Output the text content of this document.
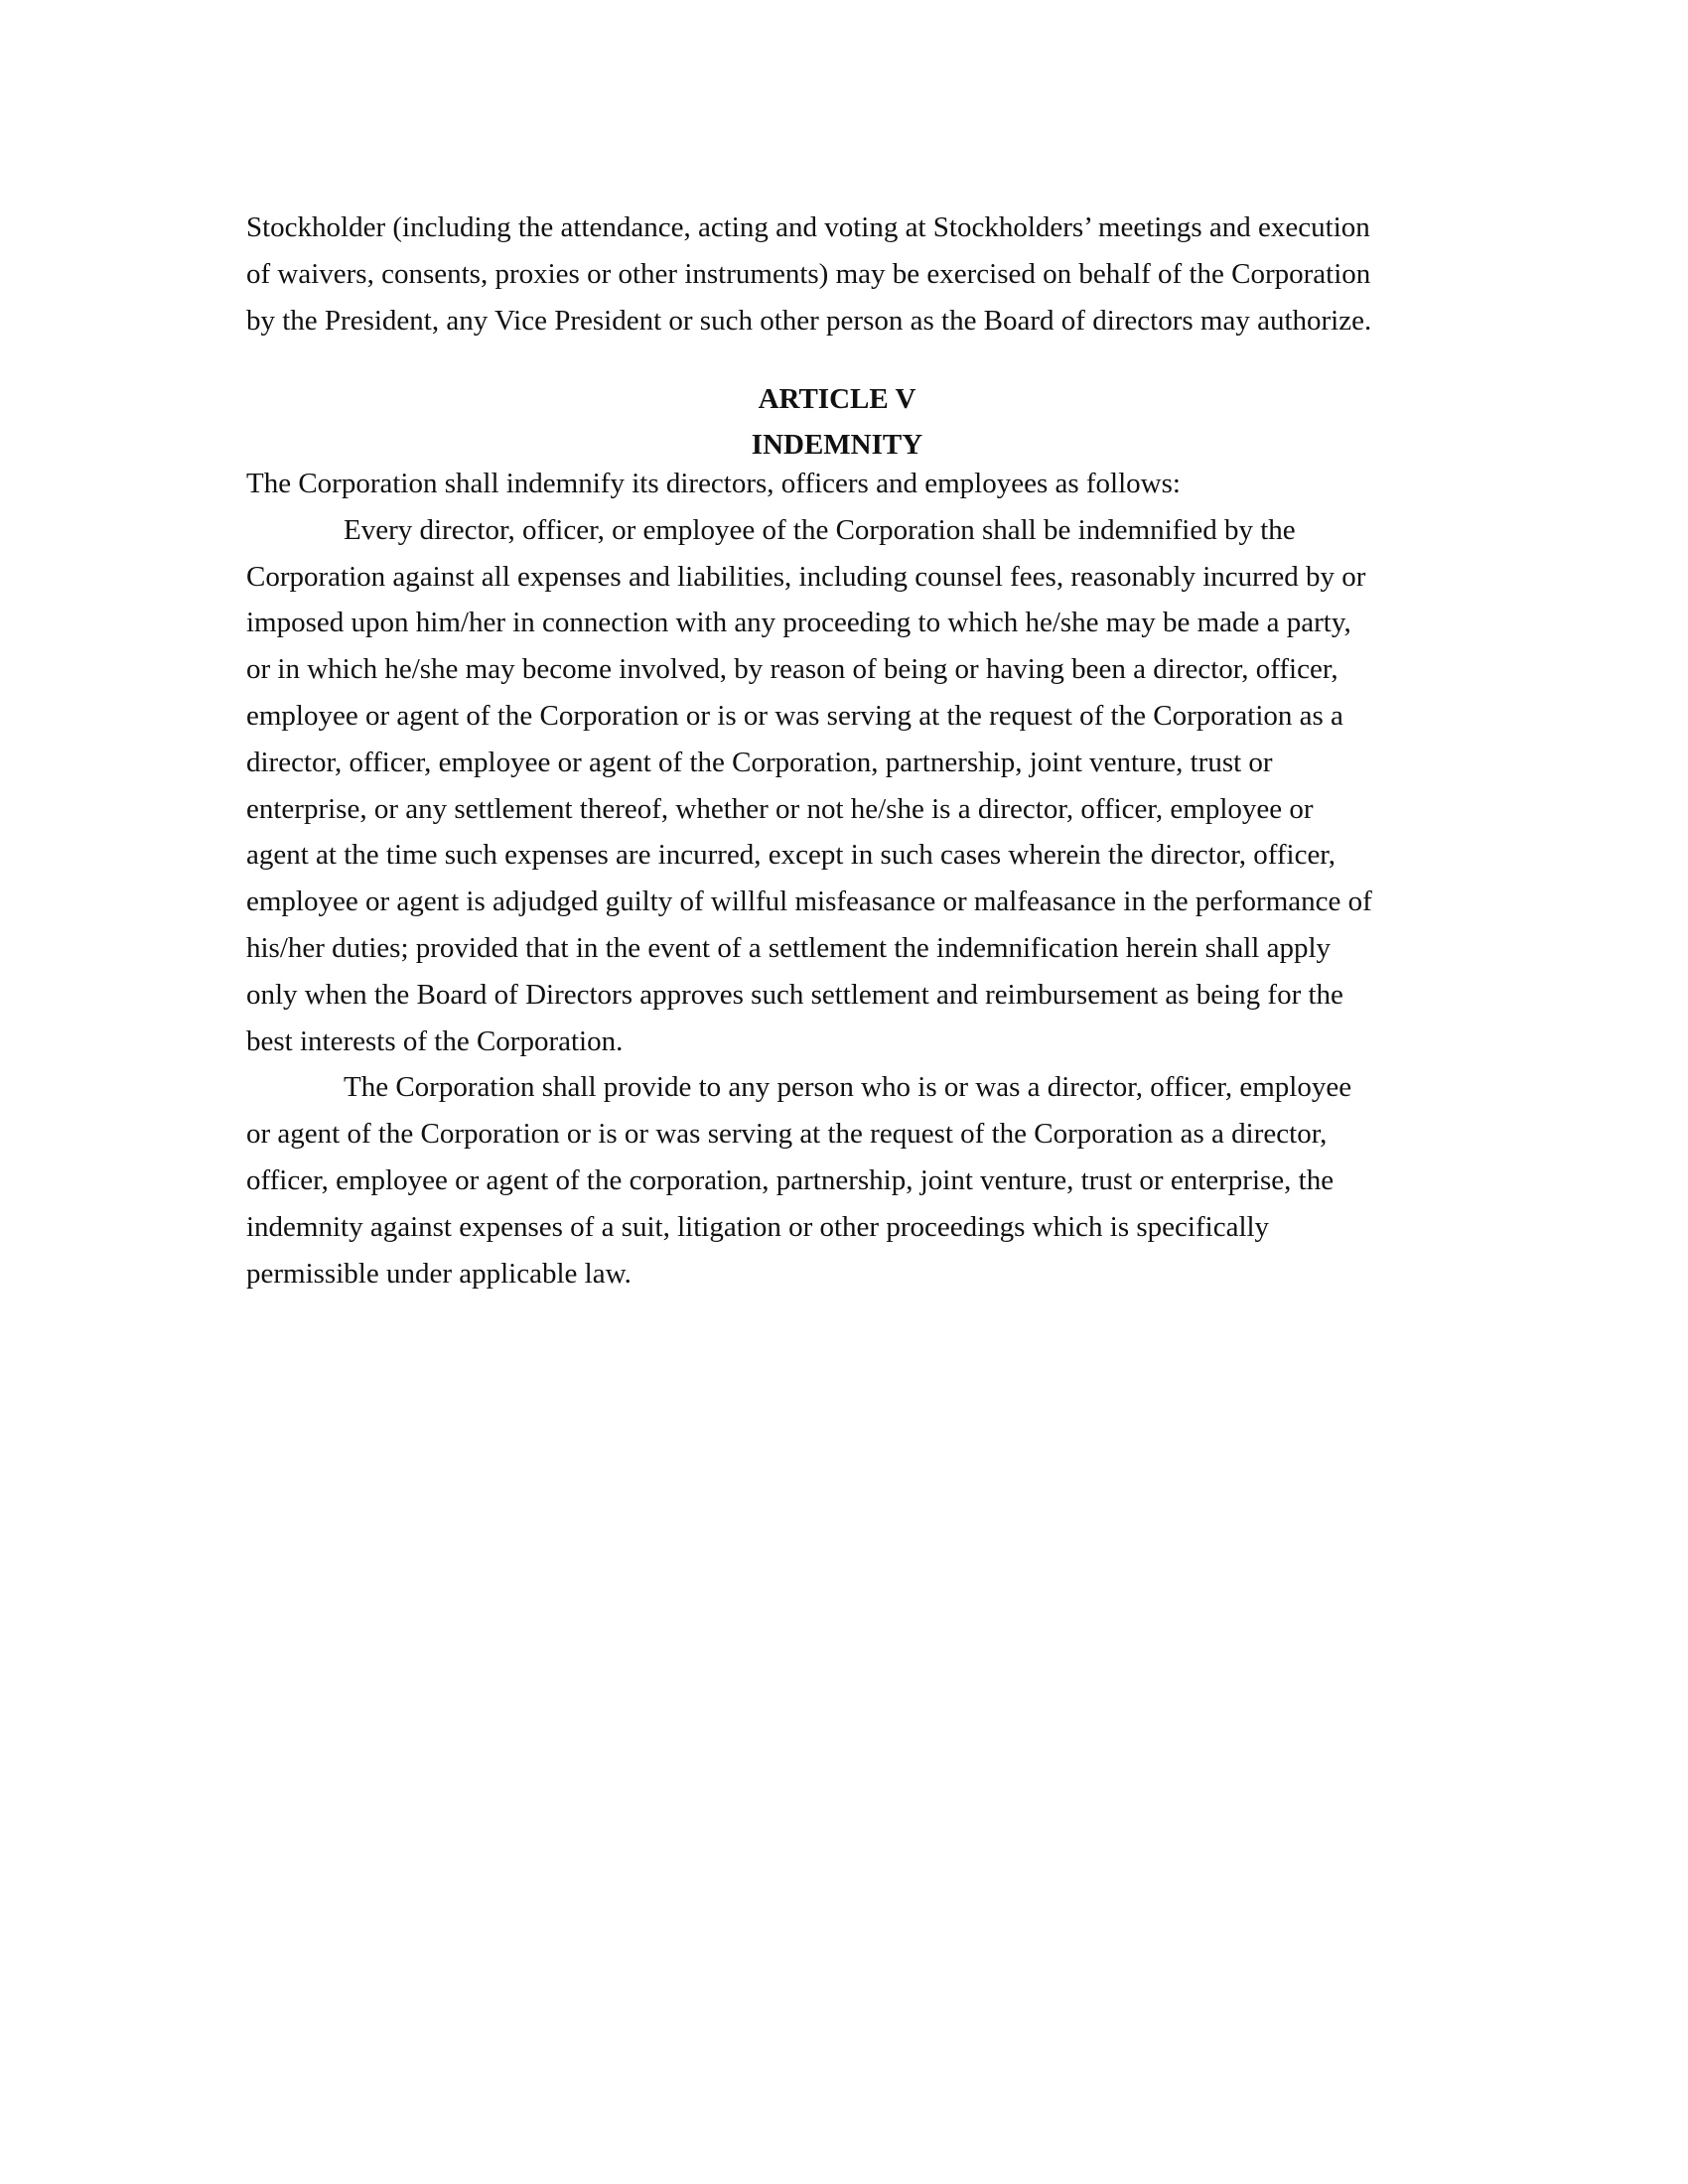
Stockholder (including the attendance, acting and voting at Stockholders’ meetings and execution
of waivers, consents, proxies or other instruments) may be exercised on behalf of the Corporation
by the President, any Vice President or such other person as the Board of directors may authorize.
ARTICLE V
INDEMNITY
The Corporation shall indemnify its directors, officers and employees as follows:
Every director, officer, or employee of the Corporation shall be indemnified by the
Corporation against all expenses and liabilities, including counsel fees, reasonably incurred by or
imposed upon him/her in connection with any proceeding to which he/she may be made a party,
or in which he/she may become involved, by reason of being or having been a director, officer,
employee or agent of the Corporation or is or was serving at the request of the Corporation as a
director, officer, employee or agent of the Corporation, partnership, joint venture, trust or
enterprise, or any settlement thereof, whether or not he/she is a director, officer, employee or
agent at the time such expenses are incurred, except in such cases wherein the director, officer,
employee or agent is adjudged guilty of willful misfeasance or malfeasance in the performance of
his/her duties; provided that in the event of a settlement the indemnification herein shall apply
only when the Board of Directors approves such settlement and reimbursement as being for the
best interests of the Corporation.
The Corporation shall provide to any person who is or was a director, officer, employee
or agent of the Corporation or is or was serving at the request of the Corporation as a director,
officer, employee or agent of the corporation, partnership, joint venture, trust or enterprise, the
indemnity against expenses of a suit, litigation or other proceedings which is specifically
permissible under applicable law.
